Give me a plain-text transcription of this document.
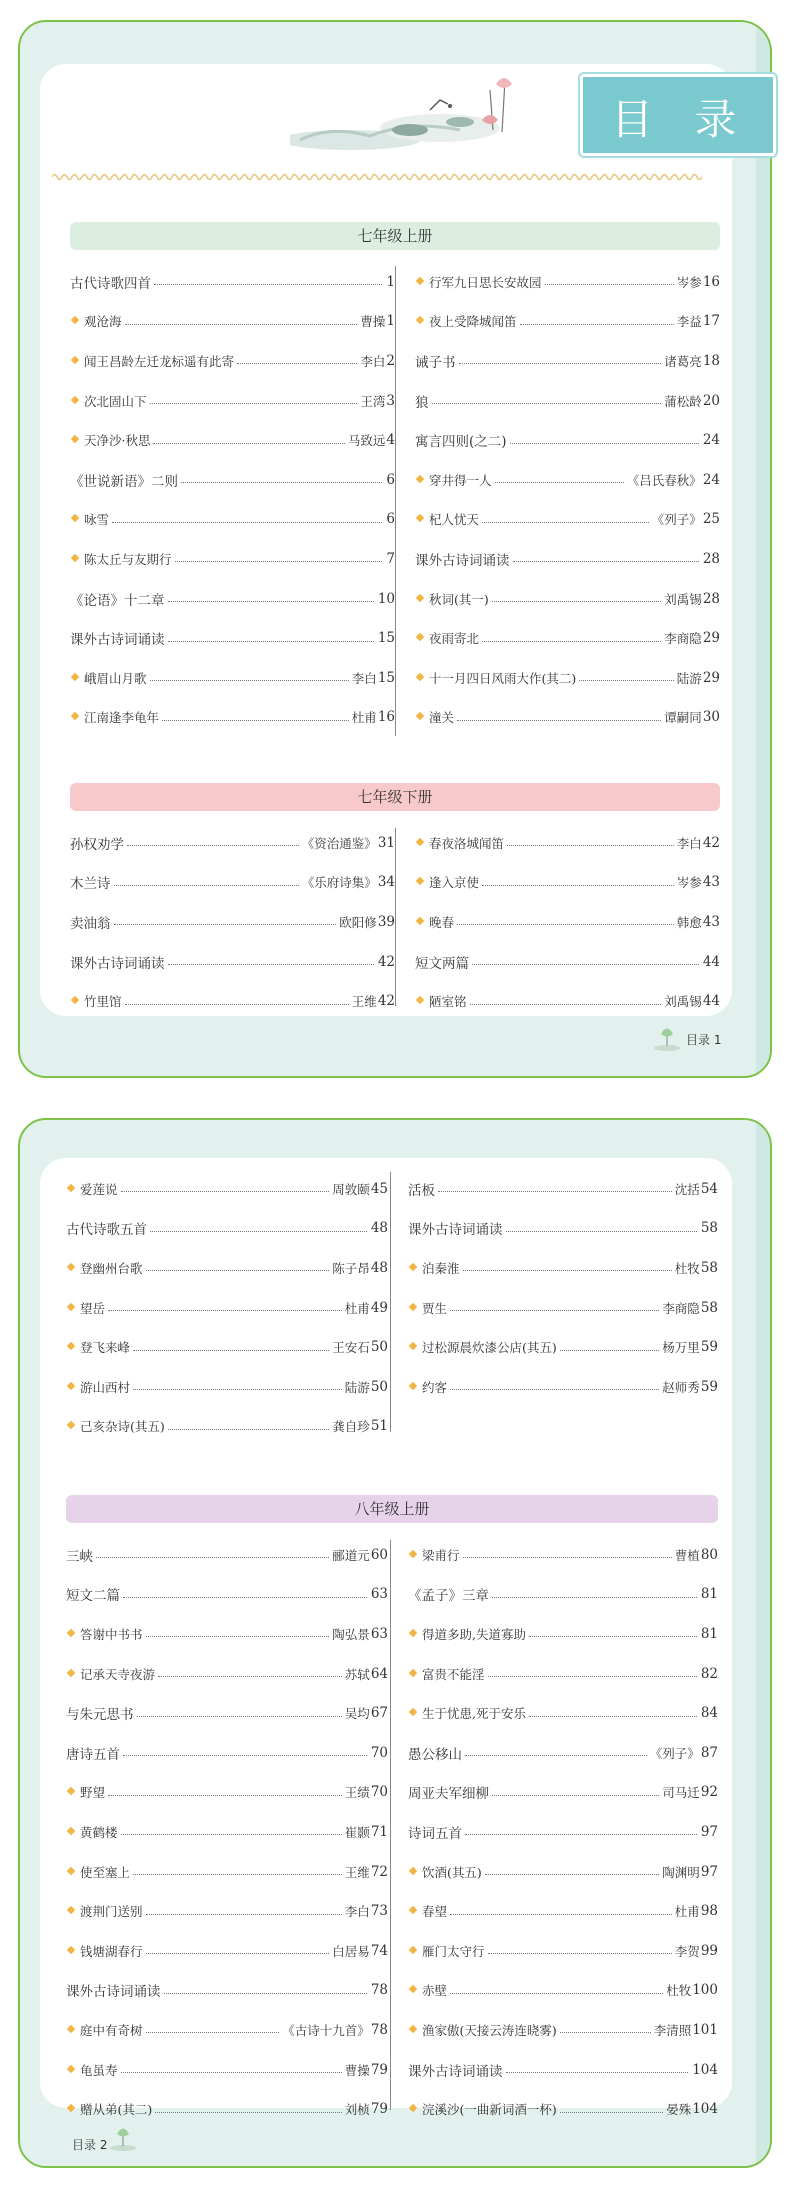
目 录
七年级上册
古代诗歌四首	1
观沧海	曹操 1
闻王昌龄左迁龙标遥有此寄	李白 2
次北固山下	王湾 3
天净沙·秋思	马致远 4
《世说新语》二则	6
咏雪	6
陈太丘与友期行	7
《论语》十二章	10
课外古诗词诵读	15
峨眉山月歌	李白 15
江南逢李龟年	杜甫 16
行军九日思长安故园	岑参 16
夜上受降城闻笛	李益 17
诫子书	诸葛亮 18
狼	蒲松龄 20
寓言四则(之二)	24
穿井得一人	《吕氏春秋》 24
杞人忧天	《列子》 25
课外古诗词诵读	28
秋词(其一)	刘禹锡 28
夜雨寄北	李商隐 29
十一月四日风雨大作(其二)	陆游 29
潼关	谭嗣同 30
七年级下册
孙权劝学	《资治通鉴》 31
木兰诗	《乐府诗集》 34
卖油翁	欧阳修 39
课外古诗词诵读	42
竹里馆	王维 42
春夜洛城闻笛	李白 42
逢入京使	岑参 43
晚春	韩愈 43
短文两篇	44
陋室铭	刘禹锡 44
目录 1
爱莲说	周敦颐 45
古代诗歌五首	48
登幽州台歌	陈子昂 48
望岳	杜甫 49
登飞来峰	王安石 50
游山西村	陆游 50
己亥杂诗(其五)	龚自珍 51
活板	沈括 54
课外古诗词诵读	58
泊秦淮	杜牧 58
贾生	李商隐 58
过松源晨炊漆公店(其五)	杨万里 59
约客	赵师秀 59
八年级上册
三峡	郦道元 60
短文二篇	63
答谢中书书	陶弘景 63
记承天寺夜游	苏轼 64
与朱元思书	吴均 67
唐诗五首	70
野望	王绩 70
黄鹤楼	崔颢 71
使至塞上	王维 72
渡荆门送别	李白 73
钱塘湖春行	白居易 74
课外古诗词诵读	78
庭中有奇树	《古诗十九首》 78
龟虽寿	曹操 79
赠从弟(其二)	刘桢 79
梁甫行	曹植 80
《孟子》三章	81
得道多助,失道寡助	81
富贵不能淫	82
生于忧患,死于安乐	84
愚公移山	《列子》 87
周亚夫军细柳	司马迁 92
诗词五首	97
饮酒(其五)	陶渊明 97
春望	杜甫 98
雁门太守行	李贺 99
赤壁	杜牧 100
渔家傲(天接云涛连晓雾)	李清照 101
课外古诗词诵读	104
浣溪沙(一曲新词酒一杯)	晏殊 104
目录 2
